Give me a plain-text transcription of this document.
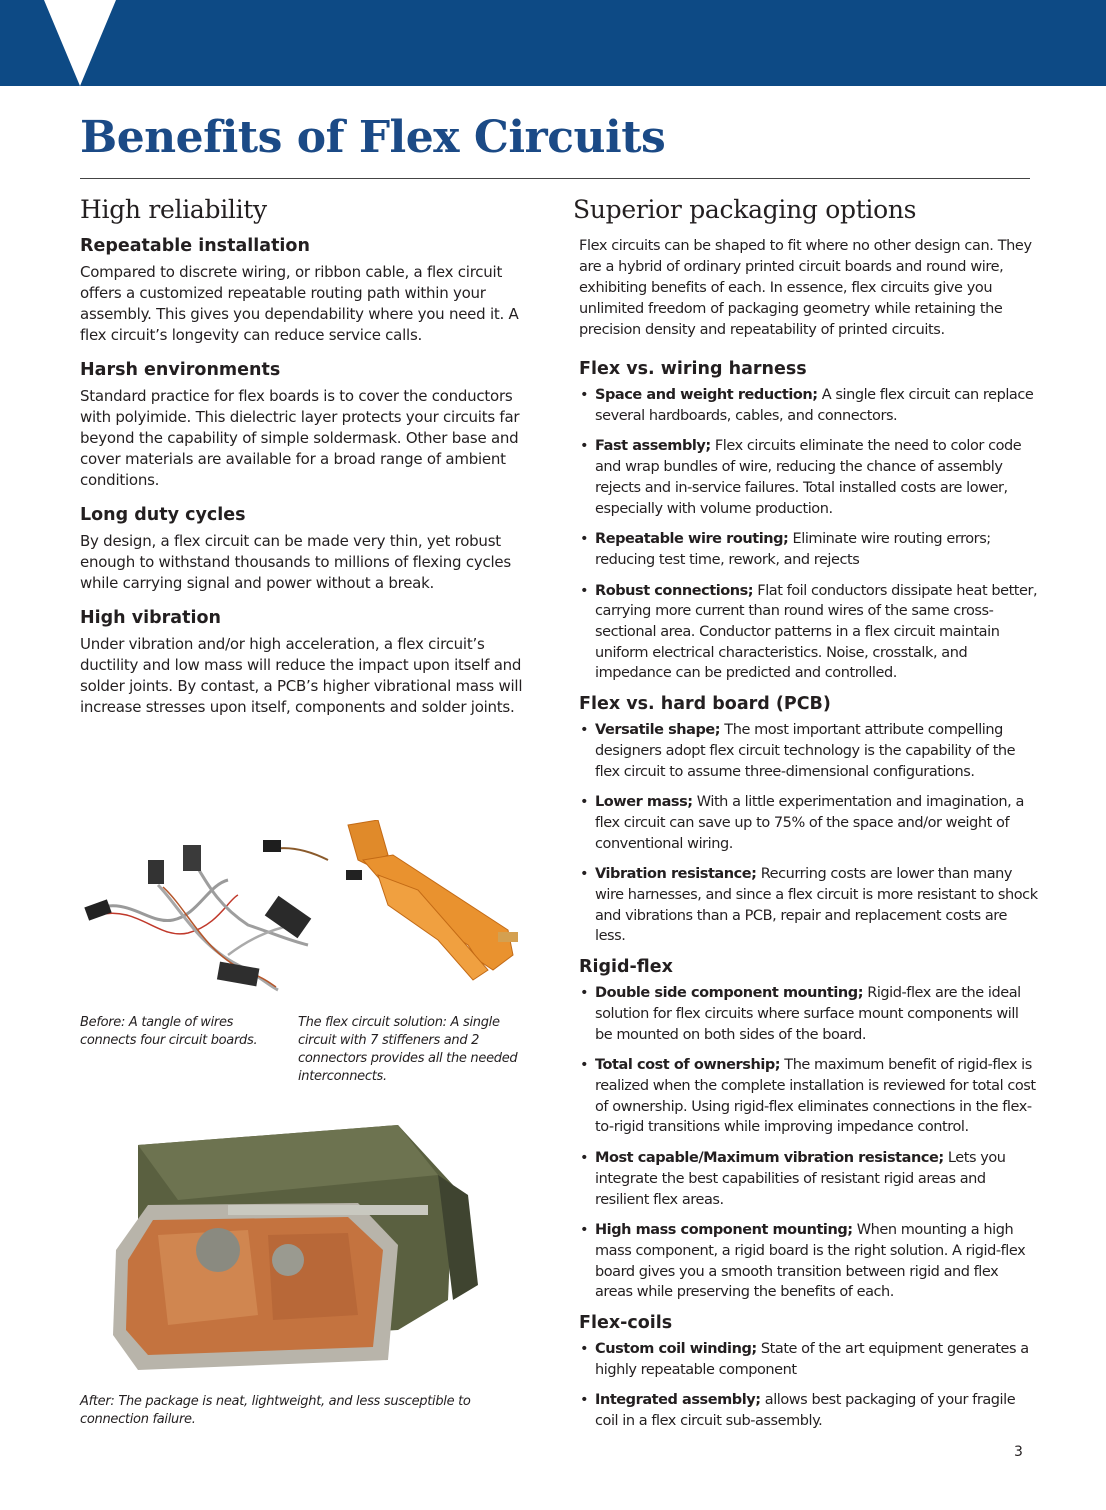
Benefits of Flex Circuits
High reliability
Repeatable installation

Compared to discrete wiring, or ribbon cable, a flex circuit offers a customized repeatable routing path within your assembly. This gives you dependability where you need it. A flex circuit’s longevity can reduce service calls.

Harsh environments

Standard practice for flex boards is to cover the conductors with polyimide. This dielectric layer protects your circuits far beyond the capability of simple soldermask. Other base and cover materials are available for a broad range of ambient conditions.

Long duty cycles

By design, a flex circuit can be made very thin, yet robust enough to withstand thousands to millions of flexing cycles while carrying signal and power without a break.

High vibration

Under vibration and/or high acceleration, a flex circuit’s ductility and low mass will reduce the impact upon itself and solder joints. By contast, a PCB’s higher vibrational mass will increase stresses upon itself, components and solder joints.

Before: A tangle of wires connects four circuit boards.
The flex circuit solution: A single circuit with 7 stiffeners and 2 connectors provides all the needed interconnects.
After: The package is neat, lightweight, and less susceptible to connection failure.
Superior packaging options

Flex circuits can be shaped to fit where no other design can. They are a hybrid of ordinary printed circuit boards and round wire, exhibiting benefits of each. In essence, flex circuits give you unlimited freedom of packaging geometry while retaining the precision density and repeatability of printed circuits.

Flex vs. wiring harness
• Space and weight reduction; A single flex circuit can replace several hardboards, cables, and connectors.
• Fast assembly; Flex circuits eliminate the need to color code and wrap bundles of wire, reducing the chance of assembly rejects and in-service failures. Total installed costs are lower, especially with volume production.
• Repeatable wire routing; Eliminate wire routing errors; reducing test time, rework, and rejects
• Robust connections; Flat foil conductors dissipate heat better, carrying more current than round wires of the same cross-sectional area. Conductor patterns in a flex circuit maintain uniform electrical characteristics. Noise, crosstalk, and impedance can be predicted and controlled.
Flex vs. hard board (PCB)
• Versatile shape; The most important attribute compelling designers adopt flex circuit technology is the capability of the flex circuit to assume three-dimensional configurations.
• Lower mass; With a little experimentation and imagination, a flex circuit can save up to 75% of the space and/or weight of conventional wiring.
• Vibration resistance; Recurring costs are lower than many wire harnesses, and since a flex circuit is more resistant to shock and vibrations than a PCB, repair and replacement costs are less.
Rigid-flex
• Double side component mounting; Rigid-flex are the ideal solution for flex circuits where surface mount components will be mounted on both sides of the board.
• Total cost of ownership; The maximum benefit of rigid-flex is realized when the complete installation is reviewed for total cost of ownership. Using rigid-flex eliminates connections in the flex-to-rigid transitions while improving impedance control.
• Most capable/Maximum vibration resistance; Lets you integrate the best capabilities of resistant rigid areas and resilient flex areas.
• High mass component mounting; When mounting a high mass component, a rigid board is the right solution. A rigid-flex board gives you a smooth transition between rigid and flex areas while preserving the benefits of each.
Flex-coils
• Custom coil winding; State of the art equipment generates a highly repeatable component
• Integrated assembly; allows best packaging of your fragile coil in a flex circuit sub-assembly.
3
